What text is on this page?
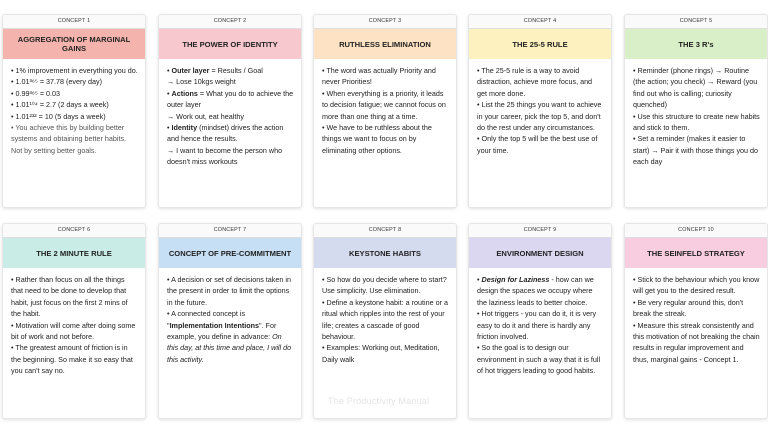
CONCEPT 1
AGGREGATION OF MARGINAL GAINS

• 1% improvement in everything you do.

• 1.01³⁶⁵ = 37.78 (every day)

• 0.99³⁶⁵ = 0.03

• 1.01¹⁰⁴ = 2.7 (2 days a week)

• 1.01²³² = 10 (5 days a week)

• You achieve this by building better systems and obtaining better habits. Not by setting better goals.

CONCEPT 2
THE POWER OF IDENTITY

• Outer layer = Results / Goal

→ Lose 10kgs weight

• Actions = What you do to achieve the outer layer

→ Work out, eat healthy

• Identity (mindset) drives the action and hence the results.

→ I want to become the person who doesn't miss workouts

CONCEPT 3
RUTHLESS ELIMINATION

• The word was actually Priority and never Priorities!

• When everything is a priority, it leads to decision fatigue; we cannot focus on more than one thing at a time.

• We have to be ruthless about the things we want to focus on by eliminating other options.

CONCEPT 4
THE 25-5 RULE

• The 25-5 rule is a way to avoid distraction, achieve more focus, and get more done.

• List the 25 things you want to achieve in your career, pick the top 5, and don't do the rest under any circumstances.

• Only the top 5 will be the best use of your time.

CONCEPT 5
THE 3 R's

• Reminder (phone rings) → Routine (the action; you check) → Reward (you find out who is calling; curiosity quenched)

• Use this structure to create new habits and stick to them.

• Set a reminder (makes it easier to start) → Pair it with those things you do each day

CONCEPT 6
THE 2 MINUTE RULE

• Rather than focus on all the things that need to be done to develop that habit, just focus on the first 2 mins of the habit.

• Motivation will come after doing some bit of work and not before.

• The greatest amount of friction is in the beginning. So make it so easy that you can't say no.

CONCEPT 7
CONCEPT OF PRE-COMMITMENT

• A decision or set of decisions taken in the present in order to limit the options in the future.

• A connected concept is "Implementation Intentions". For example, you define in advance: On this day, at this time and place, I will do this activity.

CONCEPT 8
KEYSTONE HABITS

• So how do you decide where to start? Use simplicity. Use elimination.

• Define a keystone habit: a routine or a ritual which ripples into the rest of your life; creates a cascade of good behaviour.

• Examples: Working out, Meditation, Daily walk

CONCEPT 9
ENVIRONMENT DESIGN

• Design for Laziness - how can we design the spaces we occupy where the laziness leads to better choice.

• Hot triggers - you can do it, it is very easy to do it and there is hardly any friction involved.

• So the goal is to design our environment in such a way that it is full of hot triggers leading to good habits.

CONCEPT 10
THE SEINFELD STRATEGY

• Stick to the behaviour which you know will get you to the desired result.

• Be very regular around this, don't break the streak.

• Measure this streak consistently and this motivation of not breaking the chain results in regular improvement and thus, marginal gains - Concept 1.

The Productivity Manual
